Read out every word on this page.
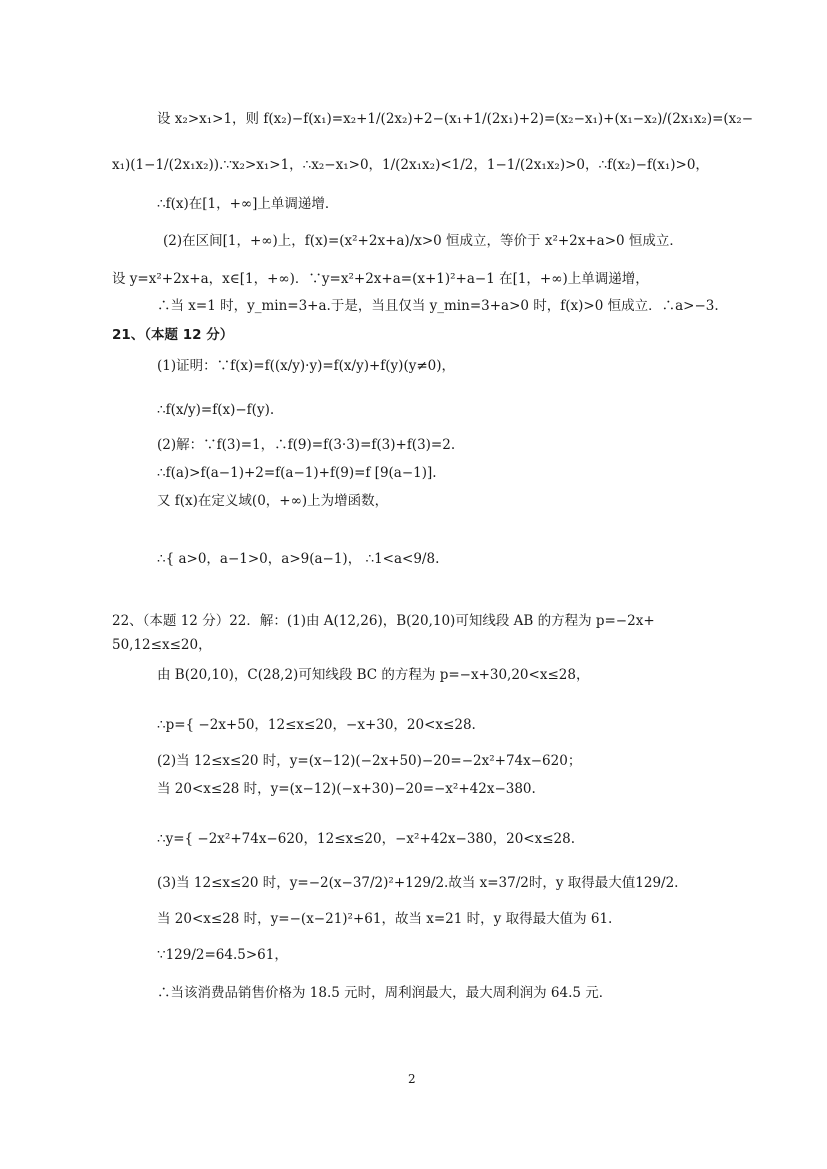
设 x₂>x₁>1，则 f(x₂)−f(x₁)=x₂+1/(2x₂)+2−(x₁+1/(2x₁)+2)=(x₂−x₁)+(x₁−x₂)/(2x₁x₂)=(x₂−
x₁)(1−1/(2x₁x₂)).∵x₂>x₁>1，∴x₂−x₁>0，1/(2x₁x₂)<1/2，1−1/(2x₁x₂)>0，∴f(x₂)−f(x₁)>0，
∴f(x)在[1，+∞]上单调递增．
(2)在区间[1，+∞)上，f(x)=(x²+2x+a)/x>0 恒成立，等价于 x²+2x+a>0 恒成立．
设 y=x²+2x+a，x∈[1，+∞)．∵y=x²+2x+a=(x+1)²+a−1 在[1，+∞)上单调递增，
∴当 x=1 时，y_min=3+a.于是，当且仅当 y_min=3+a>0 时，f(x)>0 恒成立．∴a>−3.
21、（本题 12 分）
(1)证明：∵f(x)=f((x/y)·y)=f(x/y)+f(y)(y≠0)，
∴f(x/y)=f(x)−f(y).
(2)解：∵f(3)=1，∴f(9)=f(3·3)=f(3)+f(3)=2.
∴f(a)>f(a−1)+2=f(a−1)+f(9)=f [9(a−1)].
又 f(x)在定义域(0，+∞)上为增函数，
∴{ a>0，a−1>0，a>9(a−1)， ∴1<a<9/8.
22、（本题 12 分）22．解：(1)由 A(12,26)，B(20,10)可知线段 AB 的方程为 p=−2x+
50,12≤x≤20，
由 B(20,10)，C(28,2)可知线段 BC 的方程为 p=−x+30,20<x≤28，
∴p={ −2x+50，12≤x≤20，−x+30，20<x≤28.
(2)当 12≤x≤20 时，y=(x−12)(−2x+50)−20=−2x²+74x−620；
当 20<x≤28 时，y=(x−12)(−x+30)−20=−x²+42x−380.
∴y={ −2x²+74x−620，12≤x≤20，−x²+42x−380，20<x≤28.
(3)当 12≤x≤20 时，y=−2(x−37/2)²+129/2.故当 x=37/2时，y 取得最大值129/2.
当 20<x≤28 时，y=−(x−21)²+61，故当 x=21 时，y 取得最大值为 61.
∵129/2=64.5>61，
∴当该消费品销售价格为 18.5 元时，周利润最大，最大周利润为 64.5 元．
2
